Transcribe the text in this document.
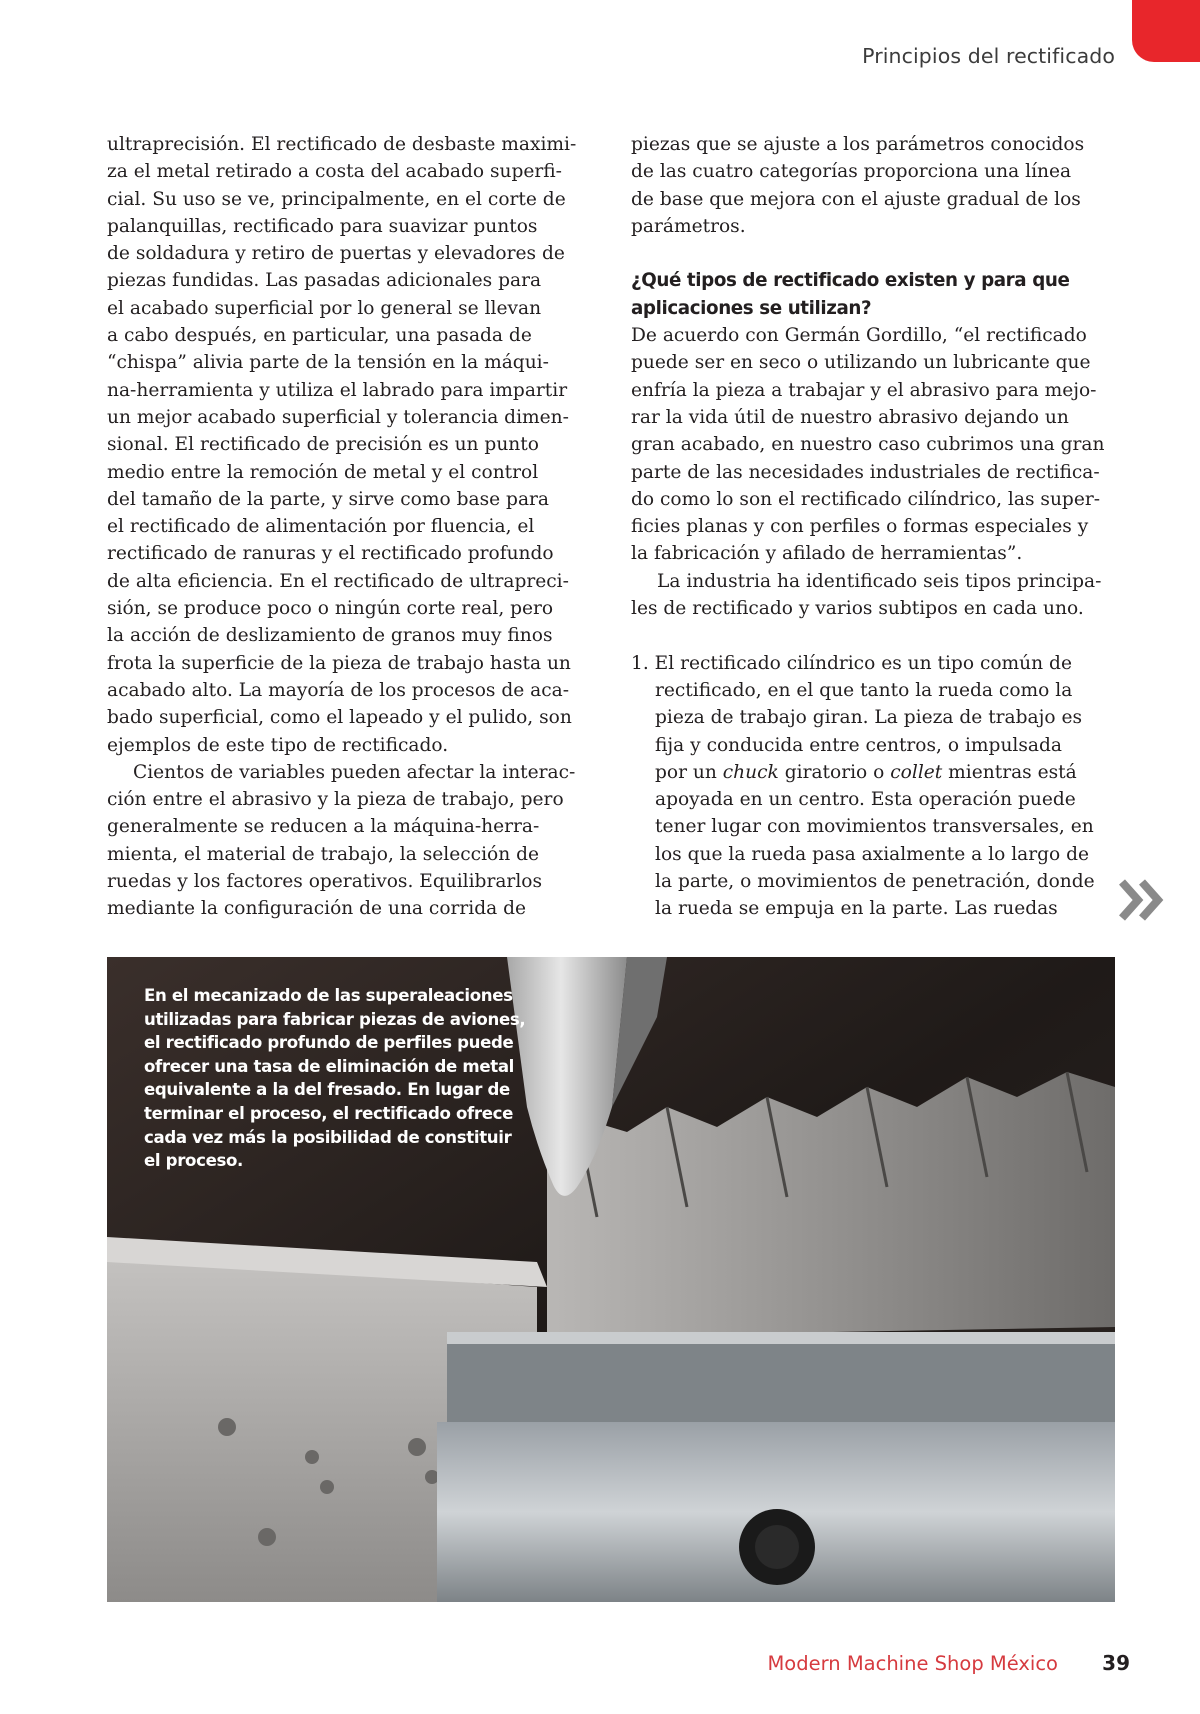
Principios del rectificado
ultraprecisión. El rectificado de desbaste maximi-
za el metal retirado a costa del acabado superfi-
cial. Su uso se ve, principalmente, en el corte de
palanquillas, rectificado para suavizar puntos
de soldadura y retiro de puertas y elevadores de
piezas fundidas. Las pasadas adicionales para
el acabado superficial por lo general se llevan
a cabo después, en particular, una pasada de
“chispa” alivia parte de la tensión en la máqui-
na-herramienta y utiliza el labrado para impartir
un mejor acabado superficial y tolerancia dimen-
sional. El rectificado de precisión es un punto
medio entre la remoción de metal y el control
del tamaño de la parte, y sirve como base para
el rectificado de alimentación por fluencia, el
rectificado de ranuras y el rectificado profundo
de alta eficiencia. En el rectificado de ultrapreci-
sión, se produce poco o ningún corte real, pero
la acción de deslizamiento de granos muy finos
frota la superficie de la pieza de trabajo hasta un
acabado alto. La mayoría de los procesos de aca-
bado superficial, como el lapeado y el pulido, son
ejemplos de este tipo de rectificado.
Cientos de variables pueden afectar la interac-
ción entre el abrasivo y la pieza de trabajo, pero
generalmente se reducen a la máquina-herra-
mienta, el material de trabajo, la selección de
ruedas y los factores operativos. Equilibrarlos
mediante la configuración de una corrida de
piezas que se ajuste a los parámetros conocidos
de las cuatro categorías proporciona una línea
de base que mejora con el ajuste gradual de los
parámetros.
¿Qué tipos de rectificado existen y para que
aplicaciones se utilizan?
De acuerdo con Germán Gordillo, “el rectificado
puede ser en seco o utilizando un lubricante que
enfría la pieza a trabajar y el abrasivo para mejo-
rar la vida útil de nuestro abrasivo dejando un
gran acabado, en nuestro caso cubrimos una gran
parte de las necesidades industriales de rectifica-
do como lo son el rectificado cilíndrico, las super-
ficies planas y con perfiles o formas especiales y
la fabricación y afilado de herramientas”.
La industria ha identificado seis tipos principa-
les de rectificado y varios subtipos en cada uno.
1. El rectificado cilíndrico es un tipo común de
rectificado, en el que tanto la rueda como la
pieza de trabajo giran. La pieza de trabajo es
fija y conducida entre centros, o impulsada
por un chuck giratorio o collet mientras está
apoyada en un centro. Esta operación puede
tener lugar con movimientos transversales, en
los que la rueda pasa axialmente a lo largo de
la parte, o movimientos de penetración, donde
la rueda se empuja en la parte. Las ruedas
En el mecanizado de las superaleaciones
utilizadas para fabricar piezas de aviones,
el rectificado profundo de perfiles puede
ofrecer una tasa de eliminación de metal
equivalente a la del fresado. En lugar de
terminar el proceso, el rectificado ofrece
cada vez más la posibilidad de constituir
el proceso.
Modern Machine Shop México	39
